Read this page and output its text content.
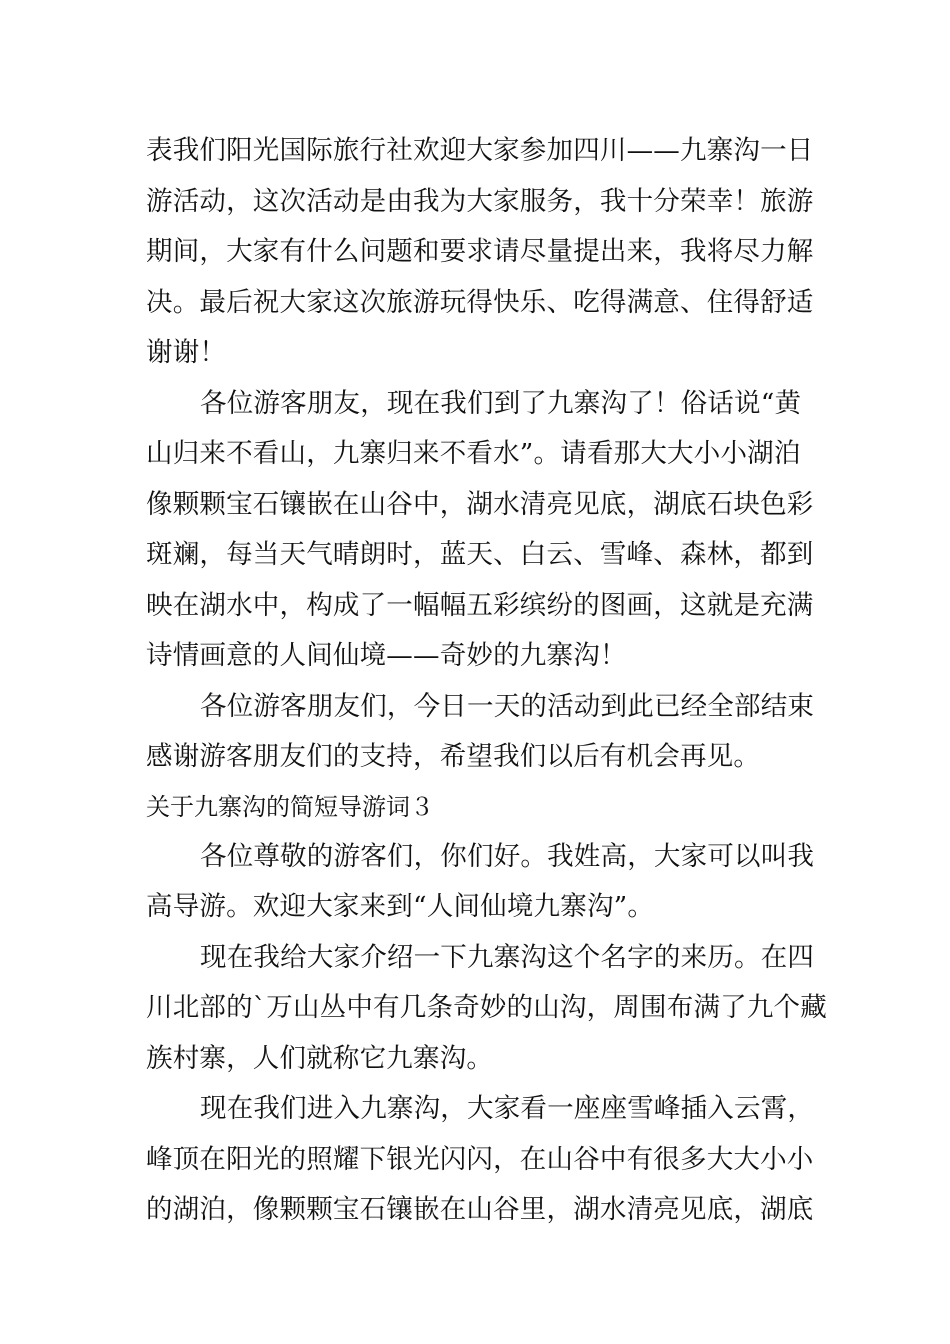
表我们阳光国际旅行社欢迎大家参加四川——九寨沟一日
游活动，这次活动是由我为大家服务，我十分荣幸！旅游
期间，大家有什么问题和要求请尽量提出来，我将尽力解
决。最后祝大家这次旅游玩得快乐、吃得满意、住得舒适
谢谢！
各位游客朋友，现在我们到了九寨沟了！俗话说“黄
山归来不看山，九寨归来不看水”。请看那大大小小湖泊
像颗颗宝石镶嵌在山谷中，湖水清亮见底，湖底石块色彩
斑斓，每当天气晴朗时，蓝天、白云、雪峰、森林，都到
映在湖水中，构成了一幅幅五彩缤纷的图画，这就是充满
诗情画意的人间仙境——奇妙的九寨沟！
各位游客朋友们，今日一天的活动到此已经全部结束
感谢游客朋友们的支持，希望我们以后有机会再见。
关于九寨沟的简短导游词３
各位尊敬的游客们，你们好。我姓高，大家可以叫我
高导游。欢迎大家来到“人间仙境九寨沟”。
现在我给大家介绍一下九寨沟这个名字的来历。在四
川北部的`万山丛中有几条奇妙的山沟，周围布满了九个藏
族村寨，人们就称它九寨沟。
现在我们进入九寨沟，大家看一座座雪峰插入云霄，
峰顶在阳光的照耀下银光闪闪，在山谷中有很多大大小小
的湖泊，像颗颗宝石镶嵌在山谷里，湖水清亮见底，湖底
